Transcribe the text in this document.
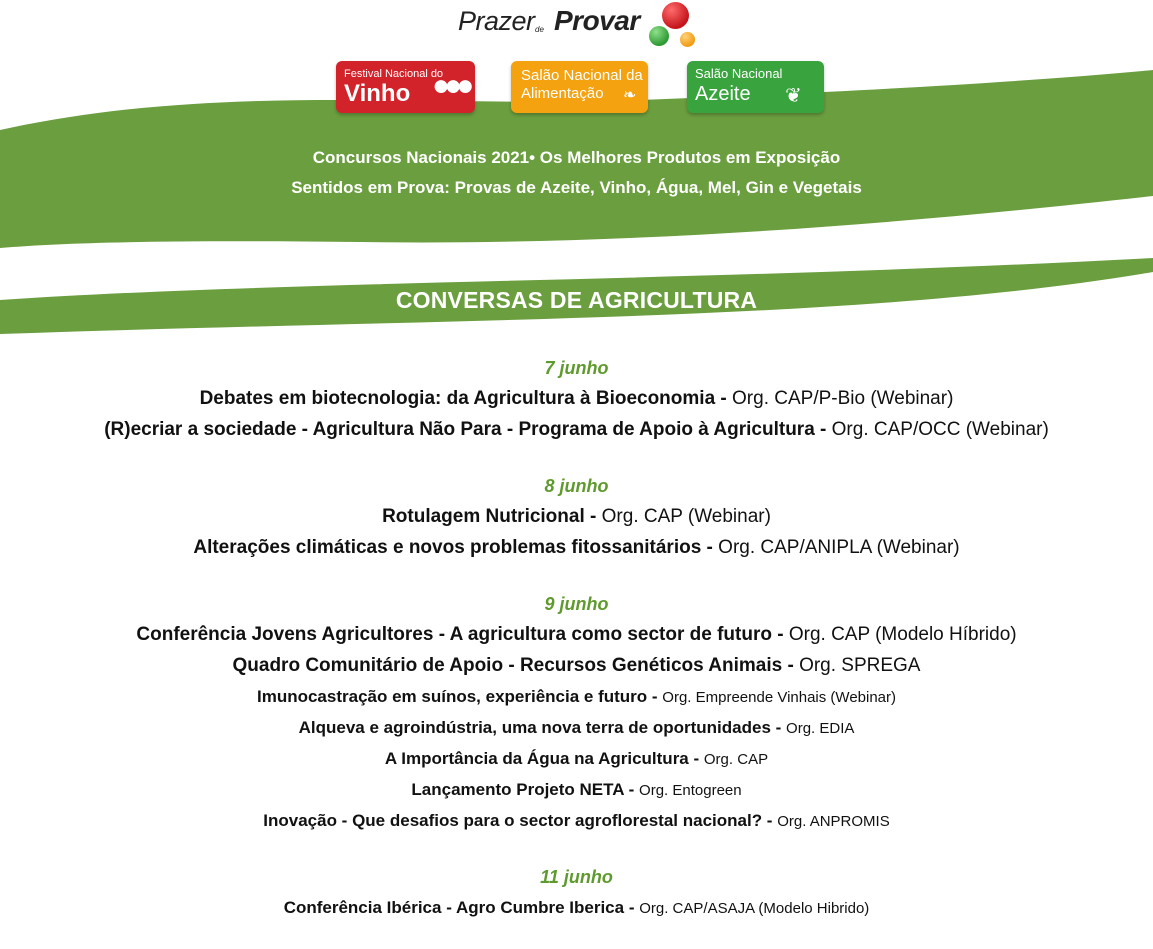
Prazer de Provar
Festival Nacional do
Vinho ●●●	Salão Nacional da
Alimentação ❧
Salão Nacional
Azeite ❦
Concursos Nacionais 2021• Os Melhores Produtos em Exposição
Sentidos em Prova: Provas de Azeite, Vinho, Água, Mel, Gin e Vegetais
CONVERSAS DE AGRICULTURA
7 junho
Debates em biotecnologia: da Agricultura à Bioeconomia - Org. CAP/P-Bio (Webinar)
(R)ecriar a sociedade - Agricultura Não Para - Programa de Apoio à Agricultura - Org. CAP/OCC (Webinar)
8 junho
Rotulagem Nutricional - Org. CAP (Webinar)
Alterações climáticas e novos problemas fitossanitários - Org. CAP/ANIPLA (Webinar)
9 junho
Conferência Jovens Agricultores - A agricultura como sector de futuro - Org. CAP (Modelo Híbrido)
Quadro Comunitário de Apoio - Recursos Genéticos Animais - Org. SPREGA
Imunocastração em suínos, experiência e futuro - Org. Empreende Vinhais (Webinar)
Alqueva e agroindústria, uma nova terra de oportunidades - Org. EDIA
A Importância da Água na Agricultura - Org. CAP
Lançamento Projeto NETA - Org. Entogreen
Inovação - Que desafios para o sector agroflorestal nacional? - Org. ANPROMIS
11 junho
Conferência Ibérica - Agro Cumbre Iberica - Org. CAP/ASAJA (Modelo Hibrido)
